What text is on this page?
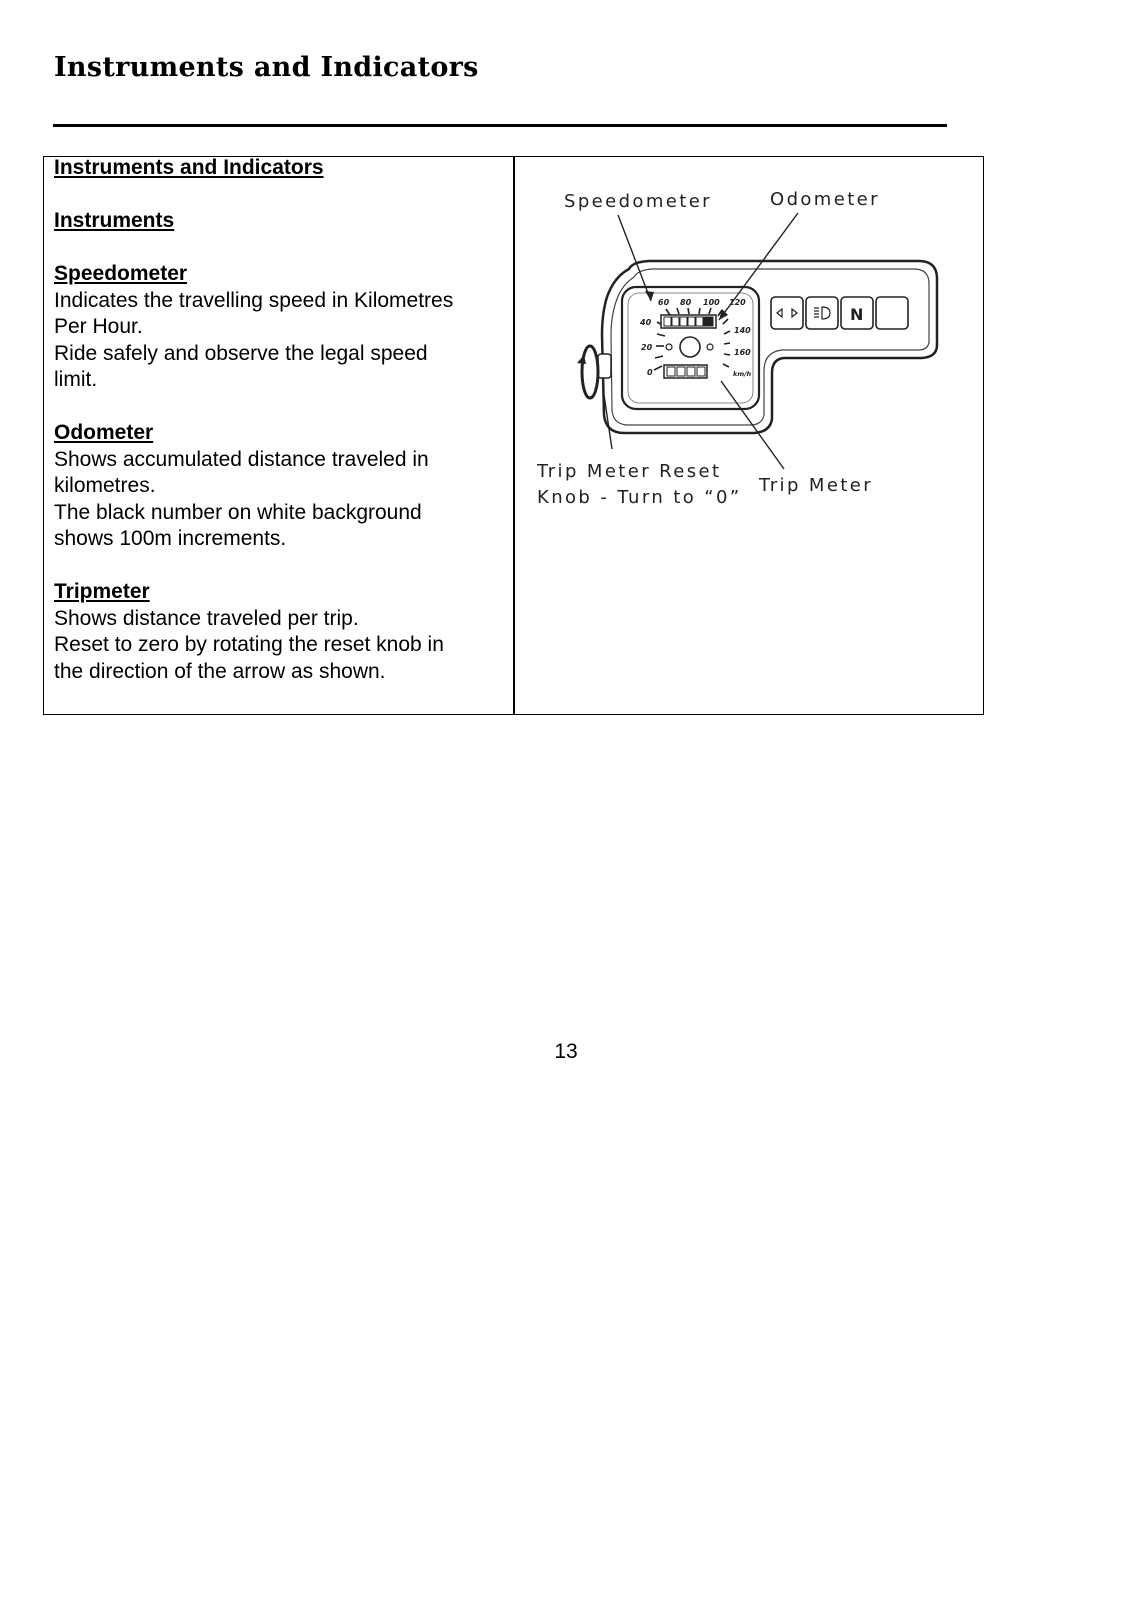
Instruments and Indicators
Instruments and Indicators
Instruments
Speedometer
Indicates the travelling speed in Kilometres
Per Hour.
Ride safely and observe the legal speed
limit.
Odometer
Shows accumulated distance traveled in
kilometres.
The black number on white background
shows 100m increments.
Tripmeter
Shows distance traveled per trip.
Reset to zero by rotating the reset knob in
the direction of the arrow as shown.
Speedometer	Odometer
Trip Meter Reset
Knob - Turn to “0”
Trip Meter
0
20
40
60 80 100 120
140
160
km/h
N
13
